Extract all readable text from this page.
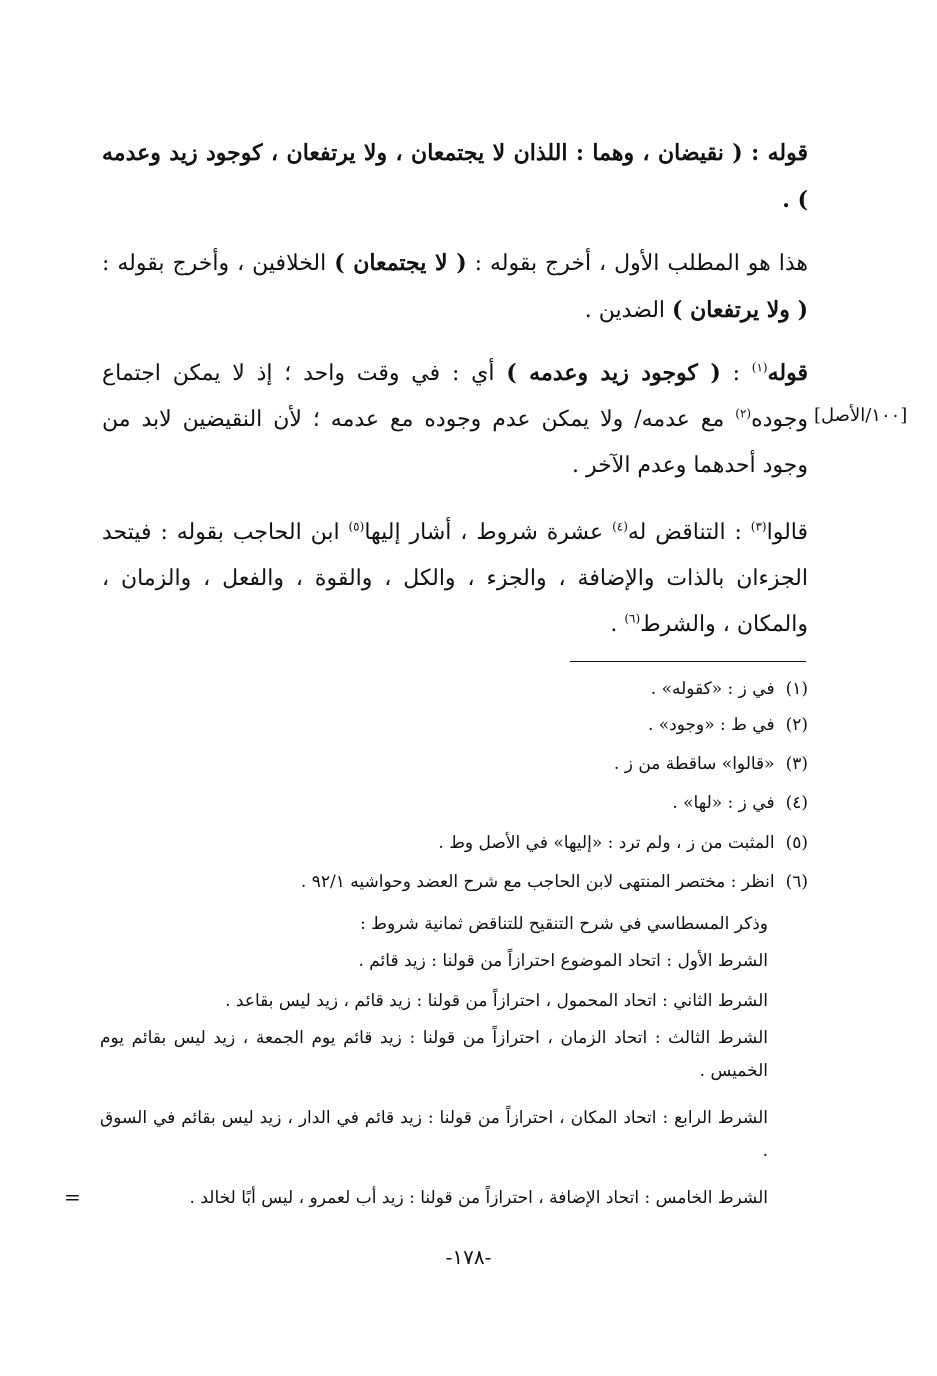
قوله : ( نقيضان ، وهما : اللذان لا يجتمعان ، ولا يرتفعان ، كوجود زيد وعدمه ) .
هذا هو المطلب الأول ، أخرج بقوله : ( لا يجتمعان ) الخلافين ، وأخرج بقوله : ( ولا يرتفعان ) الضدين .
قوله$^{(١)}$ : ( كوجود زيد وعدمه ) أي : في وقت واحد ؛ إذ لا يمكن اجتماع وجوده$^{(٢)}$ مع عدمه/ ولا يمكن عدم وجوده مع عدمه ؛ لأن النقيضين لابد من وجود أحدهما وعدم الآخر .
[١٠٠/الأصل]
قالوا$^{(٣)}$ : التناقض له$^{(٤)}$ عشرة شروط ، أشار إليها$^{(٥)}$ ابن الحاجب بقوله : فيتحد الجزءان بالذات والإضافة ، والجزء ، والكل ، والقوة ، والفعل ، والزمان ، والمكان ، والشرط$^{(٦)}$ .
(١) في ز : «كقوله» .
(٢) في ط : «وجود» .
(٣) «قالوا» ساقطة من ز .
(٤) في ز : «لها» .
(٥) المثبت من ز ، ولم ترد : «إليها» في الأصل وط .
(٦) انظر : مختصر المنتهى لابن الحاجب مع شرح العضد وحواشيه ٩٢/١ .
وذكر المسطاسي في شرح التنقيح للتناقض ثمانية شروط :
الشرط الأول : اتحاد الموضوع احترازاً من قولنا : زيد قائم .
الشرط الثاني : اتحاد المحمول ، احترازاً من قولنا : زيد قائم ، زيد ليس بقاعد .
الشرط الثالث : اتحاد الزمان ، احترازاً من قولنا : زيد قائم يوم الجمعة ، زيد ليس بقائم يوم الخميس .
الشرط الرابع : اتحاد المكان ، احترازاً من قولنا : زيد قائم في الدار ، زيد ليس بقائم في السوق .
الشرط الخامس : اتحاد الإضافة ، احترازاً من قولنا : زيد أب لعمرو ، ليس أبًا لخالد .
=
-١٧٨-
